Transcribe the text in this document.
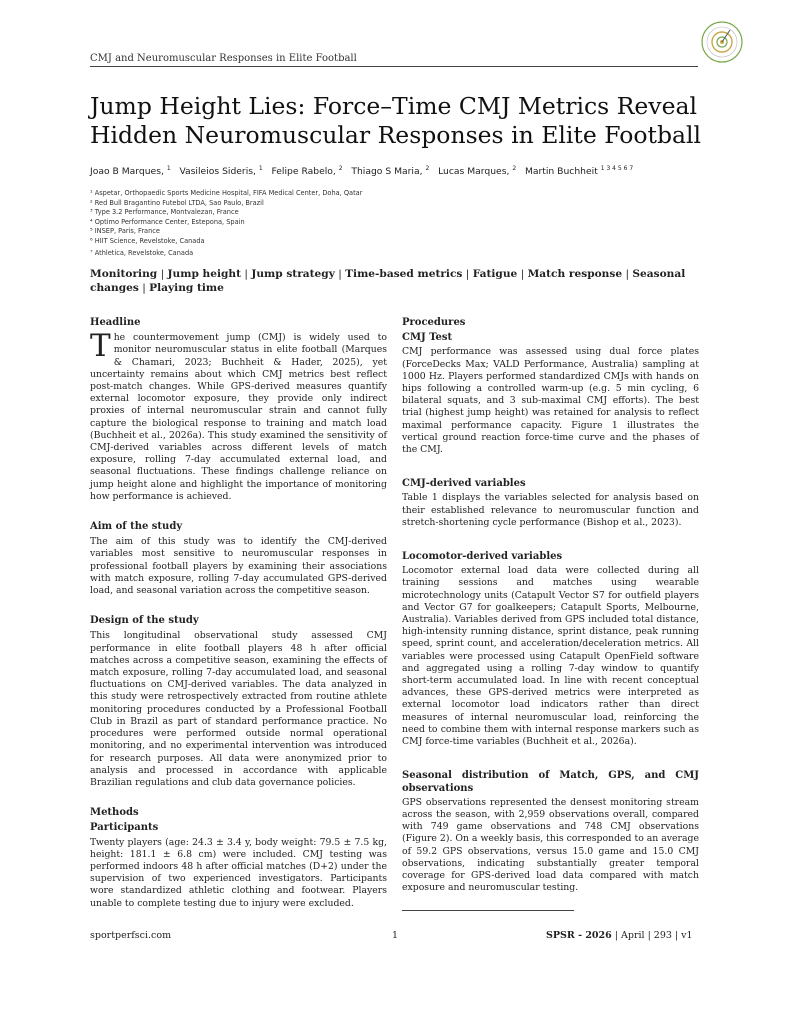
CMJ and Neuromuscular Responses in Elite Football
Jump Height Lies: Force–Time CMJ Metrics Reveal Hidden Neuromuscular Responses in Elite Football
Joao B Marques, $^1$ Vasileios Sideris, $^1$ Felipe Rabelo, $^2$ Thiago S Maria, $^2$ Lucas Marques, $^2$ Martin Buchheit $^{1 3 4 5 6 7}$
¹ Aspetar, Orthopaedic Sports Medicine Hospital, FIFA Medical Center, Doha, Qatar
² Red Bull Bragantino Futebol LTDA, Sao Paulo, Brazil
³ Type 3.2 Performance, Montvalezan, France
⁴ Optimo Performance Center, Estepona, Spain
⁵ INSEP, Paris, France
⁶ HIIT Science, Revelstoke, Canada
⁷ Athletica, Revelstoke, Canada
Monitoring | Jump height | Jump strategy | Time-based metrics | Fatigue | Match response | Seasonal changes | Playing time
Headline

The countermovement jump (CMJ) is widely used to monitor neuromuscular status in elite football (Marques & Chamari, 2023; Buchheit & Hader, 2025), yet uncertainty remains about which CMJ metrics best reflect post-match changes. While GPS-derived measures quantify external locomotor exposure, they provide only indirect proxies of internal neuromuscular strain and cannot fully capture the biological response to training and match load (Buchheit et al., 2026a). This study examined the sensitivity of CMJ-derived variables across different levels of match exposure, rolling 7-day accumulated external load, and seasonal fluctuations. These findings challenge reliance on jump height alone and highlight the importance of monitoring how performance is achieved.

Aim of the study

The aim of this study was to identify the CMJ-derived variables most sensitive to neuromuscular responses in professional football players by examining their associations with match exposure, rolling 7-day accumulated GPS-derived load, and seasonal variation across the competitive season.

Design of the study

This longitudinal observational study assessed CMJ performance in elite football players 48 h after official matches across a competitive season, examining the effects of match exposure, rolling 7-day accumulated load, and seasonal fluctuations on CMJ-derived variables. The data analyzed in this study were retrospectively extracted from routine athlete monitoring procedures conducted by a Professional Football Club in Brazil as part of standard performance practice. No procedures were performed outside normal operational monitoring, and no experimental intervention was introduced for research purposes. All data were anonymized prior to analysis and processed in accordance with applicable Brazilian regulations and club data governance policies.

Methods
Participants

Twenty players (age: 24.3 ± 3.4 y, body weight: 79.5 ± 7.5 kg, height: 181.1 ± 6.8 cm) were included. CMJ testing was performed indoors 48 h after official matches (D+2) under the supervision of two experienced investigators. Participants wore standardized athletic clothing and footwear. Players unable to complete testing due to injury were excluded.

Procedures
CMJ Test

CMJ performance was assessed using dual force plates (ForceDecks Max; VALD Performance, Australia) sampling at 1000 Hz. Players performed standardized CMJs with hands on hips following a controlled warm-up (e.g. 5 min cycling, 6 bilateral squats, and 3 sub-maximal CMJ efforts). The best trial (highest jump height) was retained for analysis to reflect maximal performance capacity. Figure 1 illustrates the vertical ground reaction force-time curve and the phases of the CMJ.

CMJ-derived variables

Table 1 displays the variables selected for analysis based on their established relevance to neuromuscular function and stretch-shortening cycle performance (Bishop et al., 2023).

Locomotor-derived variables

Locomotor external load data were collected during all training sessions and matches using wearable microtechnology units (Catapult Vector S7 for outfield players and Vector G7 for goalkeepers; Catapult Sports, Melbourne, Australia). Variables derived from GPS included total distance, high-intensity running distance, sprint distance, peak running speed, sprint count, and acceleration/deceleration metrics. All variables were processed using Catapult OpenField software and aggregated using a rolling 7-day window to quantify short-term accumulated load. In line with recent conceptual advances, these GPS-derived metrics were interpreted as external locomotor load indicators rather than direct measures of internal neuromuscular load, reinforcing the need to combine them with internal response markers such as CMJ force-time variables (Buchheit et al., 2026a).

Seasonal distribution of Match, GPS, and CMJ observations

GPS observations represented the densest monitoring stream across the season, with 2,959 observations overall, compared with 749 game observations and 748 CMJ observations (Figure 2). On a weekly basis, this corresponded to an average of 59.2 GPS observations, versus 15.0 game and 15.0 CMJ observations, indicating substantially greater temporal coverage for GPS-derived load data compared with match exposure and neuromuscular testing.

sportperfsci.com	1	SPSR - 2026 | April | 293 | v1
